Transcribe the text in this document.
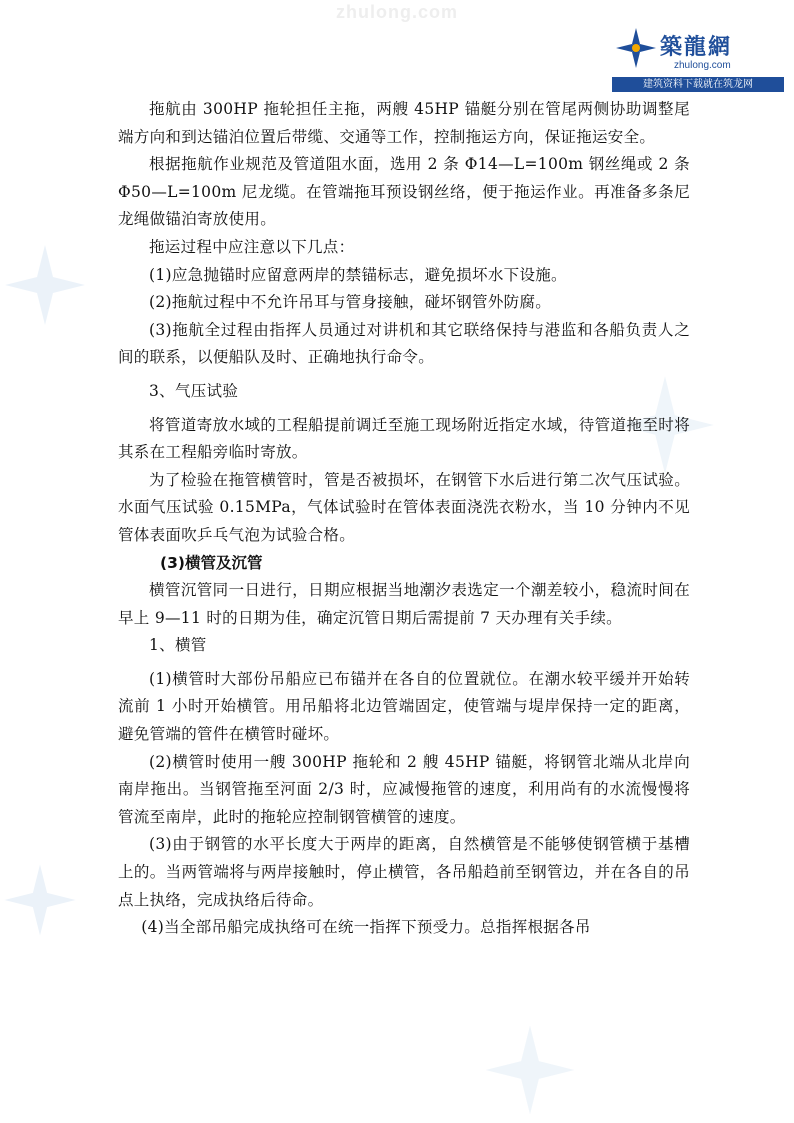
zhulong.com
築龍網
zhulong.com
建筑资料下载就在筑龙网

拖航由 300HP 拖轮担任主拖，两艘 45HP 锚艇分别在管尾两侧协助调整尾端方向和到达锚泊位置后带缆、交通等工作，控制拖运方向，保证拖运安全。

根据拖航作业规范及管道阻水面，选用 2 条 Φ14—L=100m 钢丝绳或 2 条 Φ50—L=100m 尼龙缆。在管端拖耳预设钢丝络，便于拖运作业。再准备多条尼龙绳做锚泊寄放使用。

拖运过程中应注意以下几点：

(1)应急抛锚时应留意两岸的禁锚标志，避免损坏水下设施。

(2)拖航过程中不允许吊耳与管身接触，碰坏钢管外防腐。

(3)拖航全过程由指挥人员通过对讲机和其它联络保持与港监和各船负责人之间的联系，以便船队及时、正确地执行命令。

3、气压试验

将管道寄放水域的工程船提前调迁至施工现场附近指定水域，待管道拖至时将其系在工程船旁临时寄放。

为了检验在拖管横管时，管是否被损坏，在钢管下水后进行第二次气压试验。水面气压试验 0.15MPa，气体试验时在管体表面浇洗衣粉水，当 10 分钟内不见管体表面吹乒乓气泡为试验合格。

(3)横管及沉管

横管沉管同一日进行，日期应根据当地潮汐表选定一个潮差较小，稳流时间在早上 9—11 时的日期为佳，确定沉管日期后需提前 7 天办理有关手续。

1、横管

(1)横管时大部份吊船应已布锚并在各自的位置就位。在潮水较平缓并开始转流前 1 小时开始横管。用吊船将北边管端固定，使管端与堤岸保持一定的距离，避免管端的管件在横管时碰坏。

(2)横管时使用一艘 300HP 拖轮和 2 艘 45HP 锚艇，将钢管北端从北岸向南岸拖出。当钢管拖至河面 2/3 时，应减慢拖管的速度，利用尚有的水流慢慢将管流至南岸，此时的拖轮应控制钢管横管的速度。

(3)由于钢管的水平长度大于两岸的距离，自然横管是不能够使钢管横于基槽上的。当两管端将与两岸接触时，停止横管，各吊船趋前至钢管边，并在各自的吊点上执络，完成执络后待命。

(4)当全部吊船完成执络可在统一指挥下预受力。总指挥根据各吊
